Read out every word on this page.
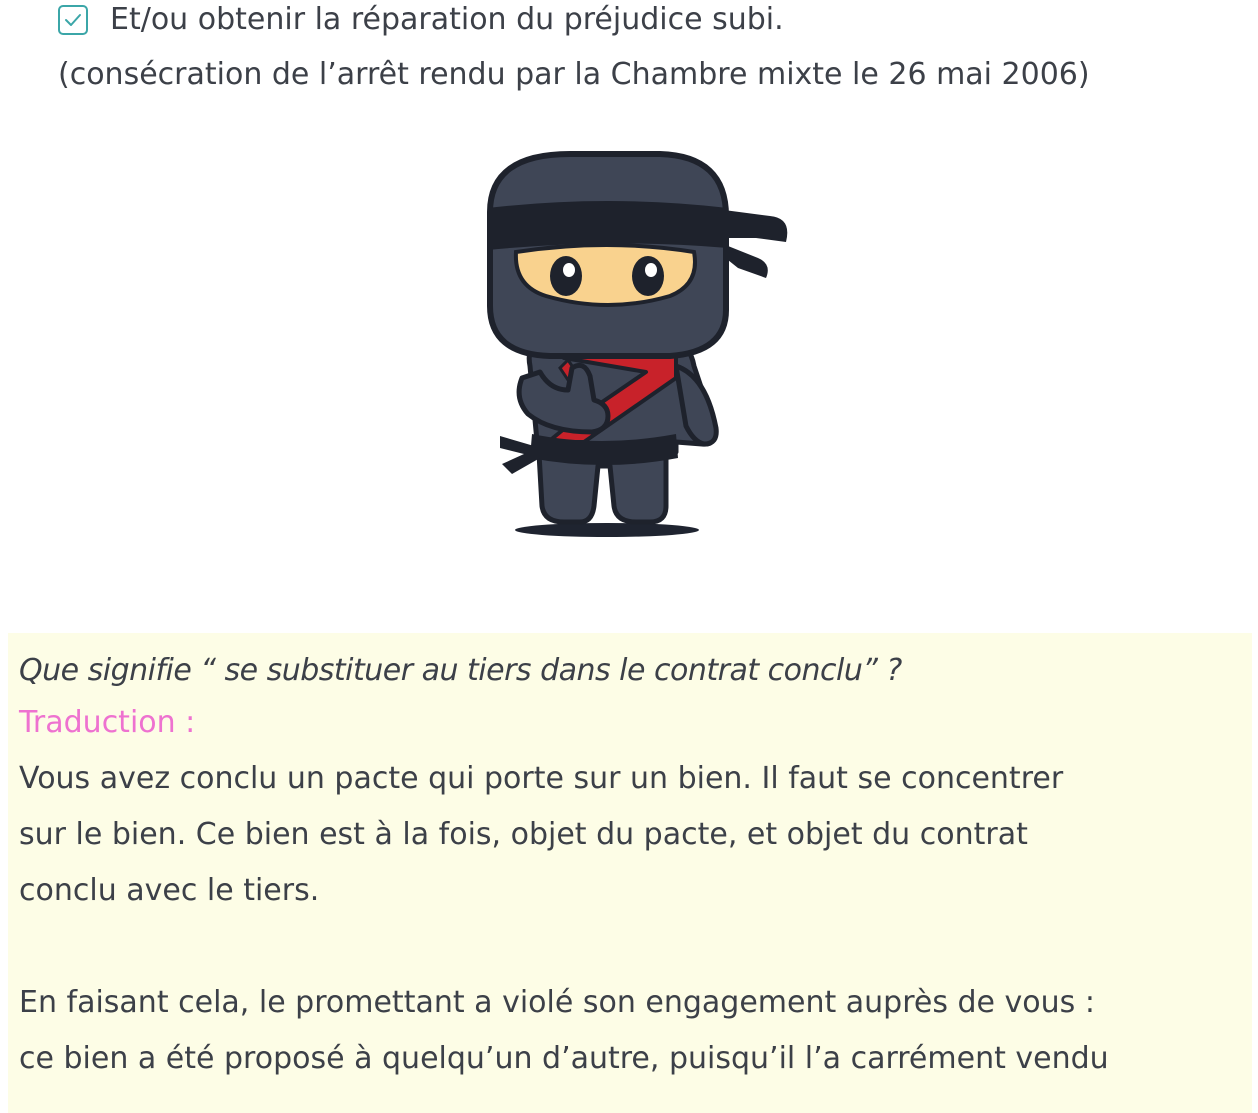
Et/ou obtenir la réparation du préjudice subi.
(consécration de l’arrêt rendu par la Chambre mixte le 26 mai 2006)

Que signifie “ se substituer au tiers dans le contrat conclu” ?

Traduction :

Vous avez conclu un pacte qui porte sur un bien. Il faut se concentrer
sur le bien. Ce bien est à la fois, objet du pacte, et objet du contrat
conclu avec le tiers.

En faisant cela, le promettant a violé son engagement auprès de vous :
ce bien a été proposé à quelqu’un d’autre, puisqu’il l’a carrément vendu
